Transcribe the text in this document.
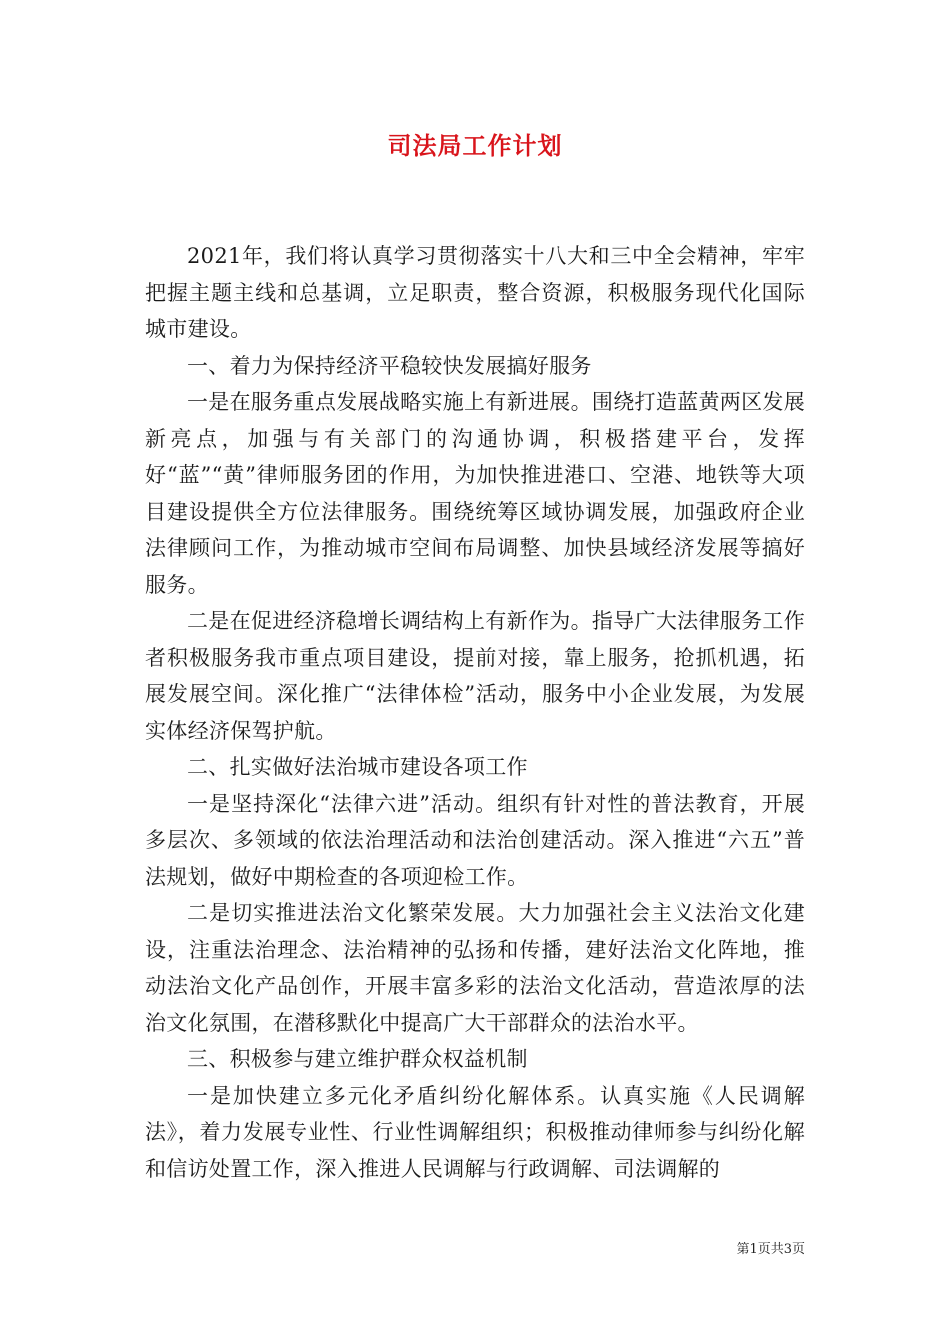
司法局工作计划

2021年，我们将认真学习贯彻落实十八大和三中全会精神，牢牢把握主题主线和总基调，立足职责，整合资源，积极服务现代化国际城市建设。

一、着力为保持经济平稳较快发展搞好服务

一是在服务重点发展战略实施上有新进展。围绕打造蓝黄两区发展新亮点，加强与有关部门的沟通协调，积极搭建平台，发挥好“蓝”“黄”律师服务团的作用，为加快推进港口、空港、地铁等大项目建设提供全方位法律服务。围绕统筹区域协调发展，加强政府企业法律顾问工作，为推动城市空间布局调整、加快县域经济发展等搞好服务。

二是在促进经济稳增长调结构上有新作为。指导广大法律服务工作者积极服务我市重点项目建设，提前对接，靠上服务，抢抓机遇，拓展发展空间。深化推广“法律体检”活动，服务中小企业发展，为发展实体经济保驾护航。

二、扎实做好法治城市建设各项工作

一是坚持深化“法律六进”活动。组织有针对性的普法教育，开展多层次、多领域的依法治理活动和法治创建活动。深入推进“六五”普法规划，做好中期检查的各项迎检工作。

二是切实推进法治文化繁荣发展。大力加强社会主义法治文化建设，注重法治理念、法治精神的弘扬和传播，建好法治文化阵地，推动法治文化产品创作，开展丰富多彩的法治文化活动，营造浓厚的法治文化氛围，在潜移默化中提高广大干部群众的法治水平。

三、积极参与建立维护群众权益机制

一是加快建立多元化矛盾纠纷化解体系。认真实施《人民调解法》，着力发展专业性、行业性调解组织；积极推动律师参与纠纷化解和信访处置工作，深入推进人民调解与行政调解、司法调解的

第1页共3页
